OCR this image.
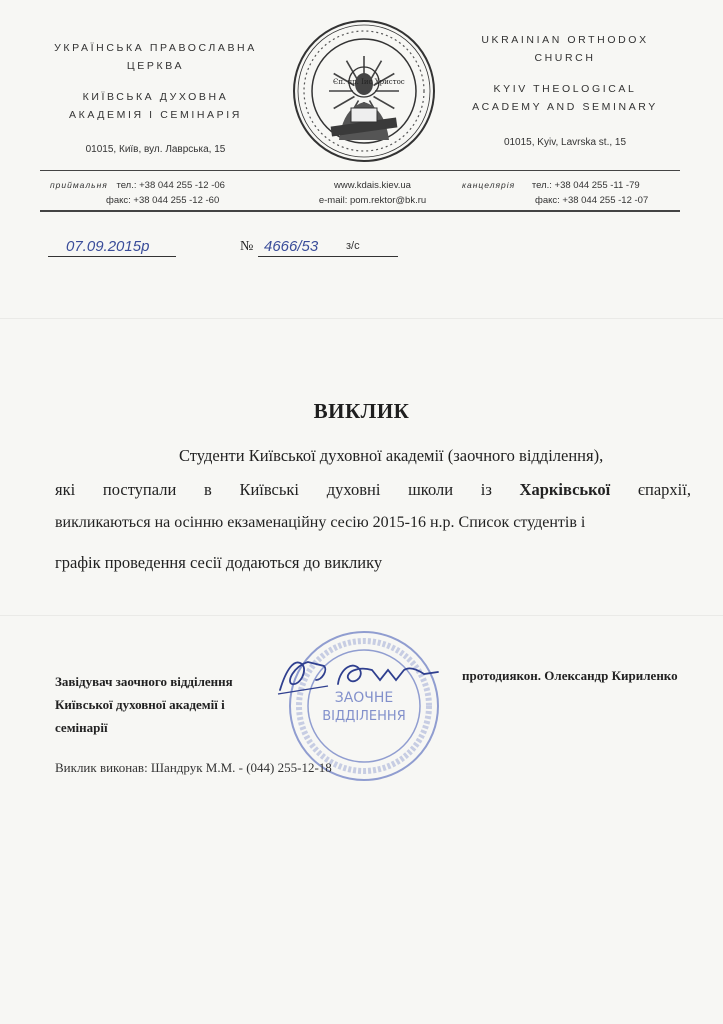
УКРАЇНСЬКА ПРАВОСЛАВНА
ЦЕРКВА
КИЇВСЬКА ДУХОВНА
АКАДЕМІЯ І СЕМІНАРІЯ
01015, Київ, вул. Лаврська, 15
Єп. пр. Іис Христос
UKRAINIAN ORTHODOX
CHURCH
KYIV THEOLOGICAL
ACADEMY AND SEMINARY
01015, Kyiv, Lavrska st., 15
приймальня тел.: +38 044 255 -12 -06
факс: +38 044 255 -12 -60
www.kdais.kiev.ua
e-mail: pom.rektor@bk.ru
канцелярія тел.: +38 044 255 -11 -79
факс: +38 044 255 -12 -07
07.09.2015р	№ 4666/53	з/с
ВИКЛИК
Студенти Київської духовної академії (заочного відділення),
які поступали в Київські духовні школи із Харківської єпархії,
викликаються на осінню екзаменаційну сесію 2015-16 н.р. Список студентів і
графік проведення сесії додаються до виклику
ЗАОЧНЕ
ВІДДІЛЕННЯ
Завідувач заочного відділення
Київської духовної академії і
семінарії
протодиякон. Олександр Кириленко
Виклик виконав: Шандрук М.М. - (044) 255-12-18
